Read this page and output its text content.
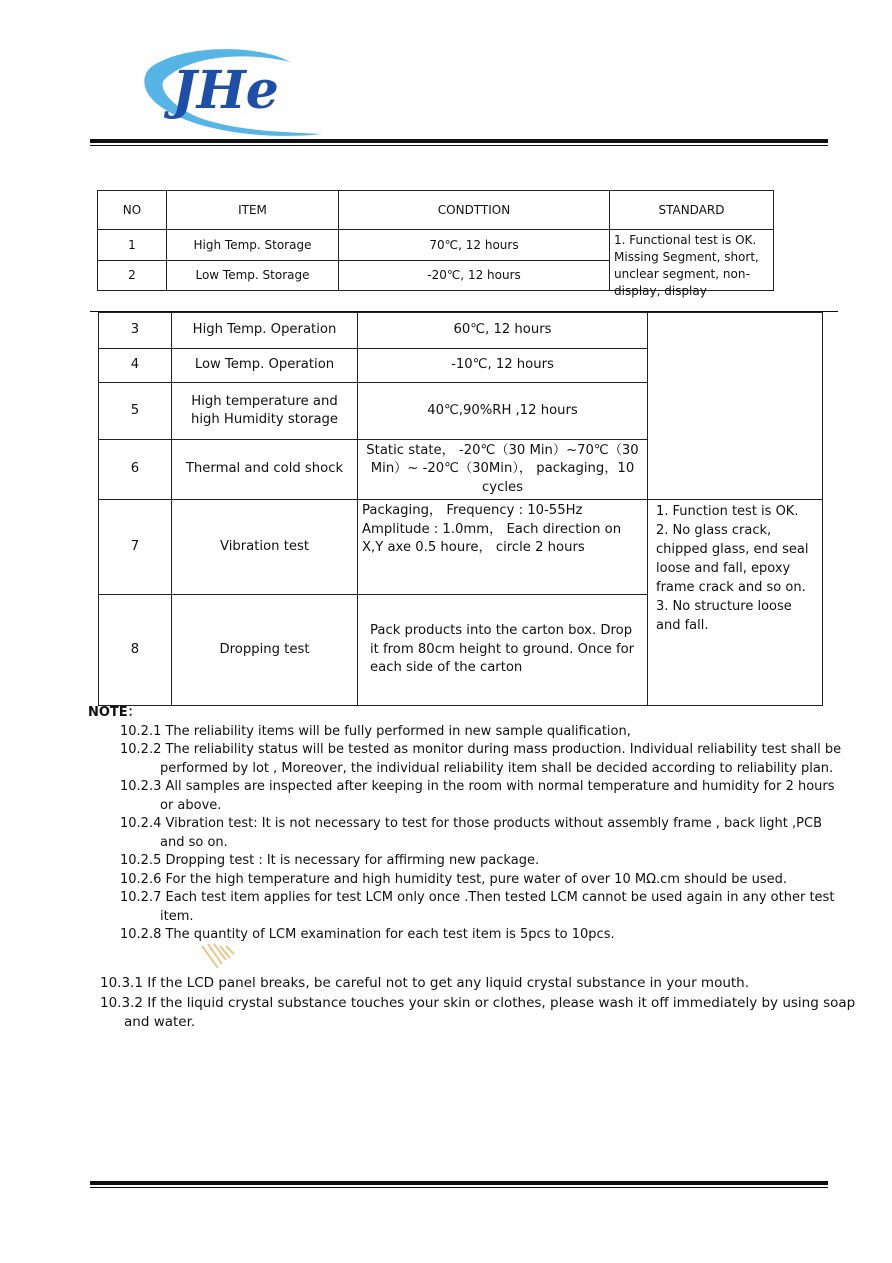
JHe
NO	ITEM	CONDTTION	STANDARD
1	High Temp. Storage	70℃, 12 hours	1. Functional test is OK. Missing Segment, short, unclear segment, non-display, display

2	Low Temp. Storage	-20℃, 12 hours	
3	High Temp. Operation	60℃, 12 hours	
4	Low Temp. Operation	-10℃, 12 hours	
5	High temperature and high Humidity storage	40℃,90%RH ,12 hours	
6	Thermal and cold shock	Static state， -20℃（30 Min）~70℃（30 Min）~ -20℃（30Min）， packaging，10 cycles	
7	Vibration test	Packaging， Frequency : 10-55Hz Amplitude : 1.0mm， Each direction on X,Y axe 0.5 houre， circle 2 hours	1. Function test is OK. 2. No glass crack, chipped glass, end seal loose and fall, epoxy frame crack and so on. 3. No structure loose and fall.
8	Dropping test	Pack products into the carton box. Drop it from 80cm height to ground. Once for each side of the carton	
NOTE：
10.2.1 The reliability items will be fully performed in new sample qualification,
10.2.2 The reliability status will be tested as monitor during mass production. Individual reliability test shall be performed by lot , Moreover, the individual reliability item shall be decided according to reliability plan.
10.2.3 All samples are inspected after keeping in the room with normal temperature and humidity for 2 hours or above.
10.2.4 Vibration test: It is not necessary to test for those products without assembly frame , back light ,PCB and so on.
10.2.5 Dropping test : It is necessary for affirming new package.
10.2.6 For the high temperature and high humidity test, pure water of over 10 MΩ.cm should be used.
10.2.7 Each test item applies for test LCM only once .Then tested LCM cannot be used again in any other test item.
10.2.8 The quantity of LCM examination for each test item is 5pcs to 10pcs.
10.3.1 If the LCD panel breaks, be careful not to get any liquid crystal substance in your mouth.
10.3.2 If the liquid crystal substance touches your skin or clothes, please wash it off immediately by using soap and water.
